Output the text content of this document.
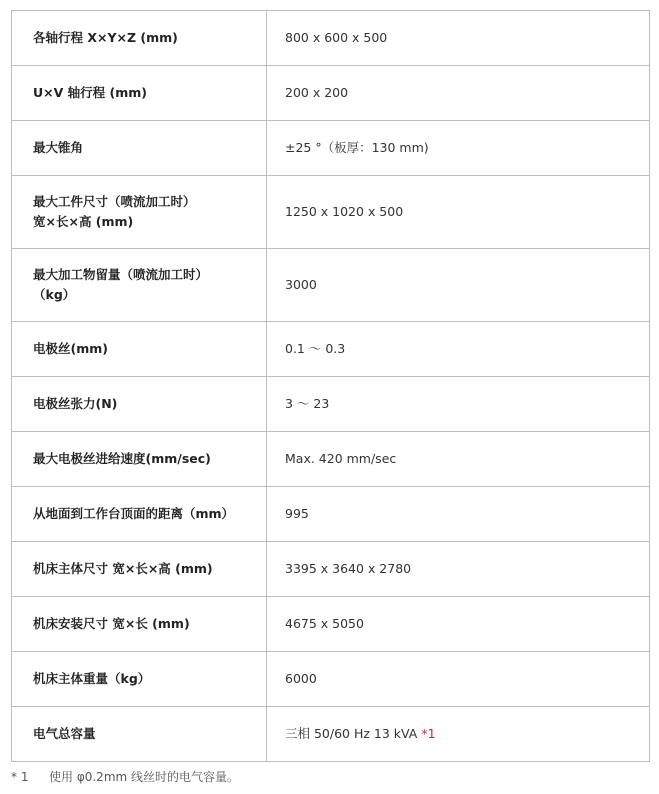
各轴行程 X×Y×Z (mm)	800 x 600 x 500
U×V 轴行程 (mm)	200 x 200
最大锥角	±25 °（板厚：130 mm)
最大工件尺寸（喷流加工时）
宽×长×高 (mm)	1250 x 1020 x 500
最大加工物留量（喷流加工时）
（kg）	3000
电极丝(mm)	0.1 ～ 0.3
电极丝张力(N)	3 ～ 23
最大电极丝进给速度(mm/sec)	Max. 420 mm/sec
从地面到工作台顶面的距离（mm）	995
机床主体尺寸 宽×长×高 (mm)	3395 x 3640 x 2780
机床安装尺寸 宽×长 (mm)	4675 x 5050
机床主体重量（kg）	6000
电气总容量	三相 50/60 Hz 13 kVA *1
* 1 使用 φ0.2mm 线丝时的电气容量。
